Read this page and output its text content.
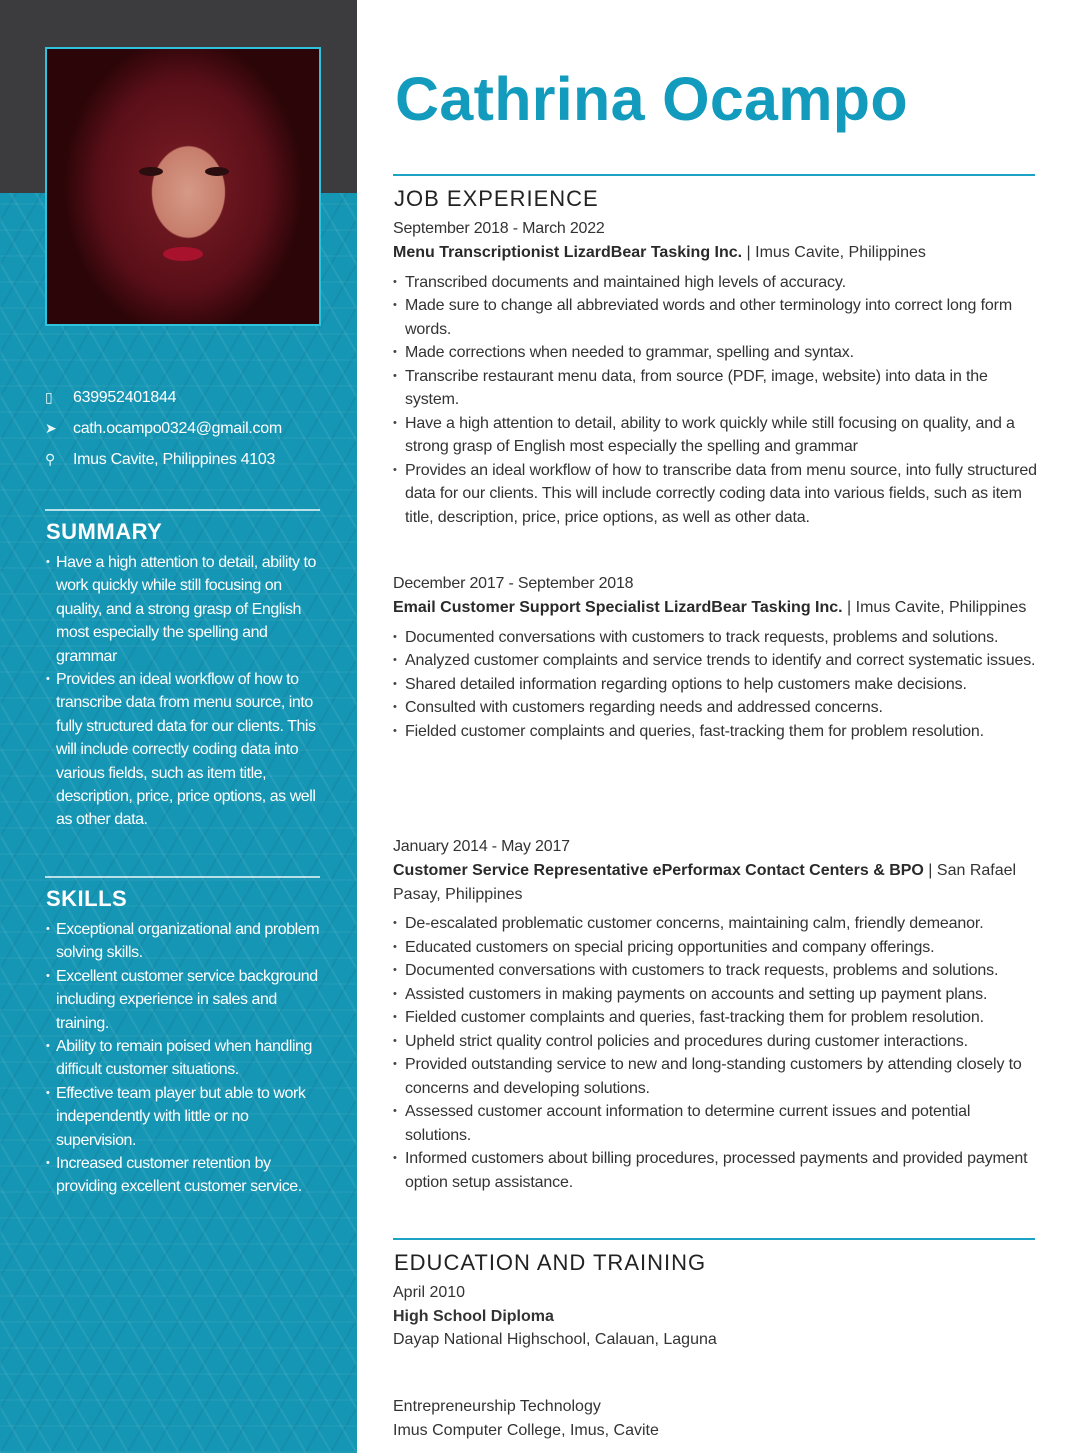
▯	639952401844
➤	cath.ocampo0324@gmail.com
⚲	Imus Cavite, Philippines 4103
SUMMARY
• Have a high attention to detail, ability to work quickly while still focusing on quality, and a strong grasp of English most especially the spelling and grammar
• Provides an ideal workflow of how to transcribe data from menu source, into fully structured data for our clients. This will include correctly coding data into various fields, such as item title, description, price, price options, as well as other data.
SKILLS
• Exceptional organizational and problem solving skills.
• Excellent customer service background including experience in sales and training.
• Ability to remain poised when handling difficult customer situations.
• Effective team player but able to work independently with little or no supervision.
• Increased customer retention by providing excellent customer service.
Cathrina Ocampo
JOB EXPERIENCE
September 2018 - March 2022
Menu Transcriptionist LizardBear Tasking Inc. | Imus Cavite, Philippines
• Transcribed documents and maintained high levels of accuracy.
• Made sure to change all abbreviated words and other terminology into correct long form words.
• Made corrections when needed to grammar, spelling and syntax.
• Transcribe restaurant menu data, from source (PDF, image, website) into data in the system.
• Have a high attention to detail, ability to work quickly while still focusing on quality, and a strong grasp of English most especially the spelling and grammar
• Provides an ideal workflow of how to transcribe data from menu source, into fully structured data for our clients. This will include correctly coding data into various fields, such as item title, description, price, price options, as well as other data.
December 2017 - September 2018
Email Customer Support Specialist LizardBear Tasking Inc. | Imus Cavite, Philippines
• Documented conversations with customers to track requests, problems and solutions.
• Analyzed customer complaints and service trends to identify and correct systematic issues.
• Shared detailed information regarding options to help customers make decisions.
• Consulted with customers regarding needs and addressed concerns.
• Fielded customer complaints and queries, fast-tracking them for problem resolution.
January 2014 - May 2017
Customer Service Representative ePerformax Contact Centers & BPO | San Rafael Pasay, Philippines
• De-escalated problematic customer concerns, maintaining calm, friendly demeanor.
• Educated customers on special pricing opportunities and company offerings.
• Documented conversations with customers to track requests, problems and solutions.
• Assisted customers in making payments on accounts and setting up payment plans.
• Fielded customer complaints and queries, fast-tracking them for problem resolution.
• Upheld strict quality control policies and procedures during customer interactions.
• Provided outstanding service to new and long-standing customers by attending closely to concerns and developing solutions.
• Assessed customer account information to determine current issues and potential solutions.
• Informed customers about billing procedures, processed payments and provided payment option setup assistance.
EDUCATION AND TRAINING
April 2010
High School Diploma
Dayap National Highschool, Calauan, Laguna
Entrepreneurship Technology
Imus Computer College, Imus, Cavite
